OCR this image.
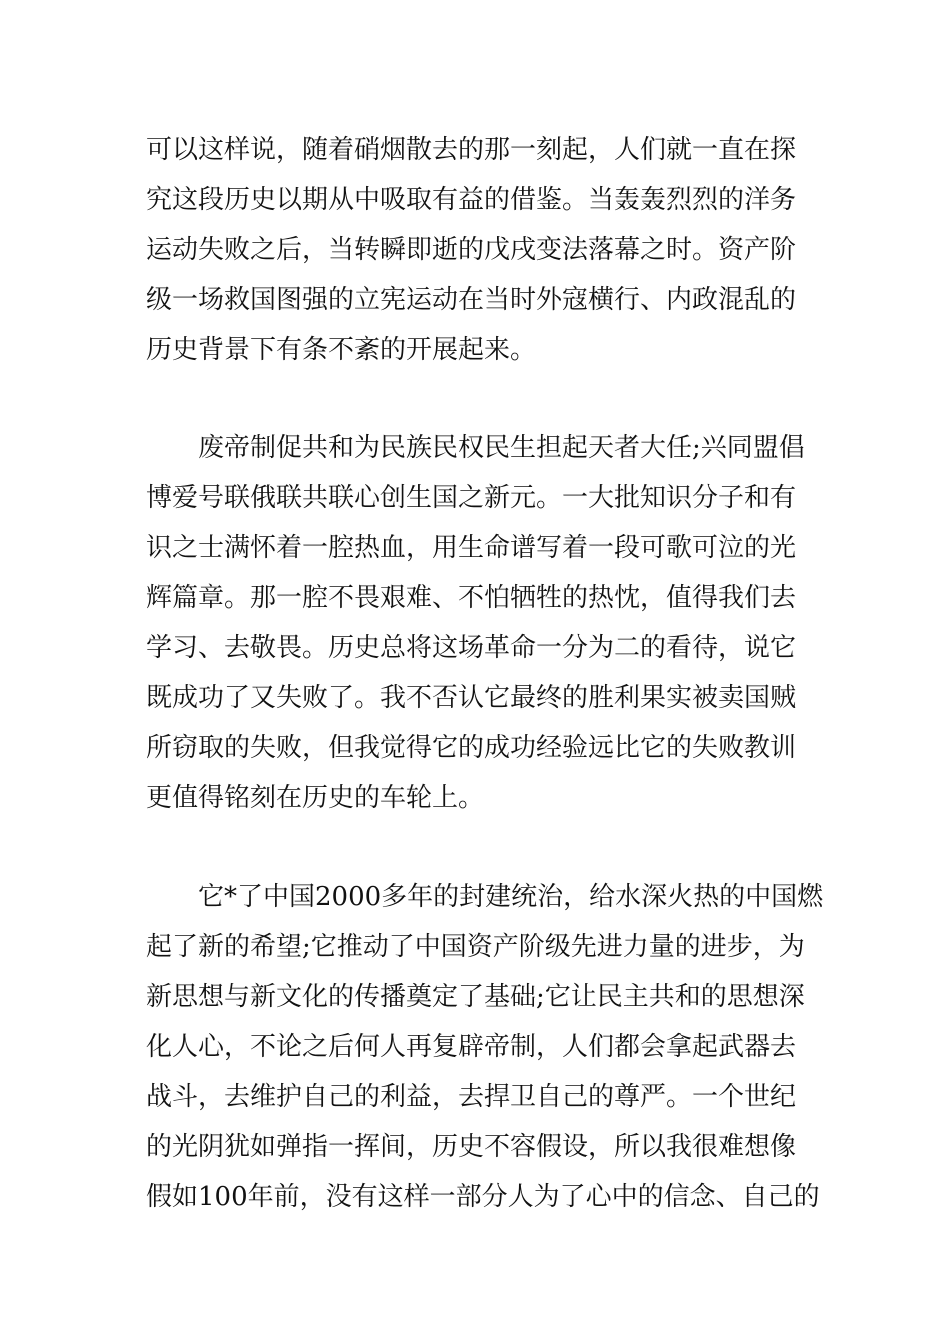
可以这样说，随着硝烟散去的那一刻起，人们就一直在探
究这段历史以期从中吸取有益的借鉴。当轰轰烈烈的洋务
运动失败之后，当转瞬即逝的戊戌变法落幕之时。资产阶
级一场救国图强的立宪运动在当时外寇横行、内政混乱的
历史背景下有条不紊的开展起来。
废帝制促共和为民族民权民生担起天者大任;兴同盟倡
博爱号联俄联共联心创生国之新元。一大批知识分子和有
识之士满怀着一腔热血，用生命谱写着一段可歌可泣的光
辉篇章。那一腔不畏艰难、不怕牺牲的热忱，值得我们去
学习、去敬畏。历史总将这场革命一分为二的看待，说它
既成功了又失败了。我不否认它最终的胜利果实被卖国贼
所窃取的失败，但我觉得它的成功经验远比它的失败教训
更值得铭刻在历史的车轮上。
它*了中国2000多年的封建统治，给水深火热的中国燃
起了新的希望;它推动了中国资产阶级先进力量的进步，为
新思想与新文化的传播奠定了基础;它让民主共和的思想深
化人心，不论之后何人再复辟帝制，人们都会拿起武器去
战斗，去维护自己的利益，去捍卫自己的尊严。一个世纪
的光阴犹如弹指一挥间，历史不容假设，所以我很难想像
假如100年前，没有这样一部分人为了心中的信念、自己的
